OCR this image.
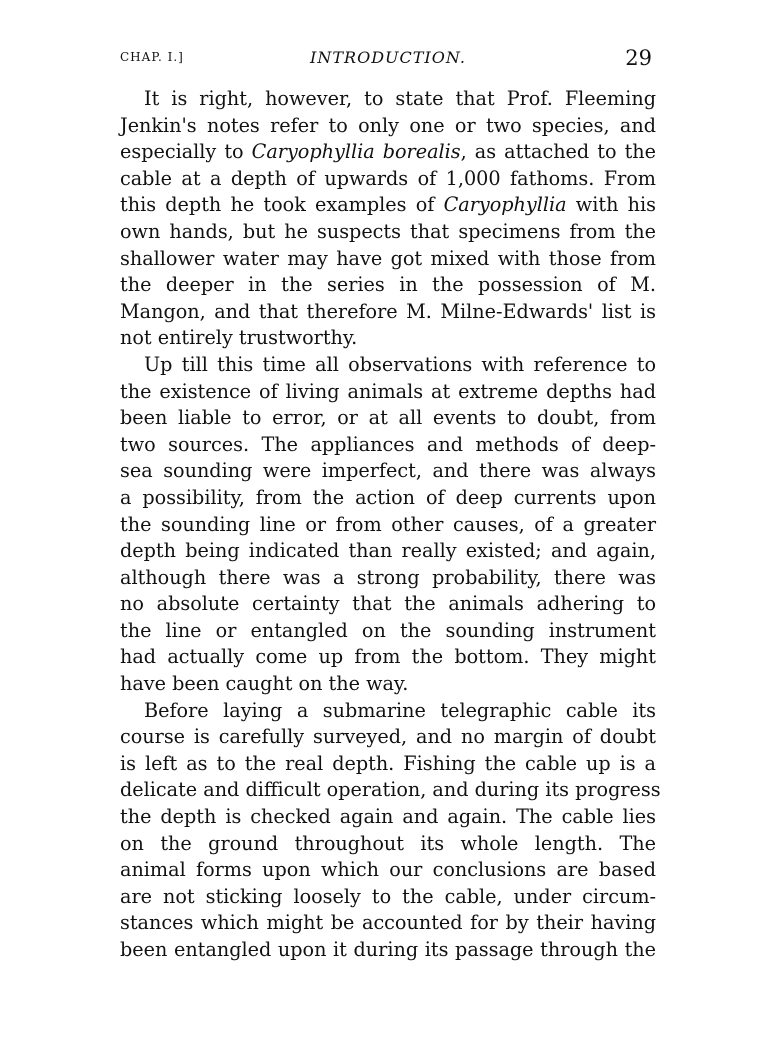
CHAP. I.]	INTRODUCTION.	29
It is right, however, to state that Prof. Fleeming
Jenkin's notes refer to only one or two species, and
especially to Caryophyllia borealis, as attached to the
cable at a depth of upwards of 1,000 fathoms. From
this depth he took examples of Caryophyllia with his
own hands, but he suspects that specimens from the
shallower water may have got mixed with those from
the deeper in the series in the possession of M.
Mangon, and that therefore M. Milne-Edwards' list is
not entirely trustworthy.
Up till this time all observations with reference to
the existence of living animals at extreme depths had
been liable to error, or at all events to doubt, from
two sources. The appliances and methods of deep-
sea sounding were imperfect, and there was always
a possibility, from the action of deep currents upon
the sounding line or from other causes, of a greater
depth being indicated than really existed; and again,
although there was a strong probability, there was
no absolute certainty that the animals adhering to
the line or entangled on the sounding instrument
had actually come up from the bottom. They might
have been caught on the way.
Before laying a submarine telegraphic cable its
course is carefully surveyed, and no margin of doubt
is left as to the real depth. Fishing the cable up is a
delicate and difficult operation, and during its progress
the depth is checked again and again. The cable lies
on the ground throughout its whole length. The
animal forms upon which our conclusions are based
are not sticking loosely to the cable, under circum-
stances which might be accounted for by their having
been entangled upon it during its passage through the
